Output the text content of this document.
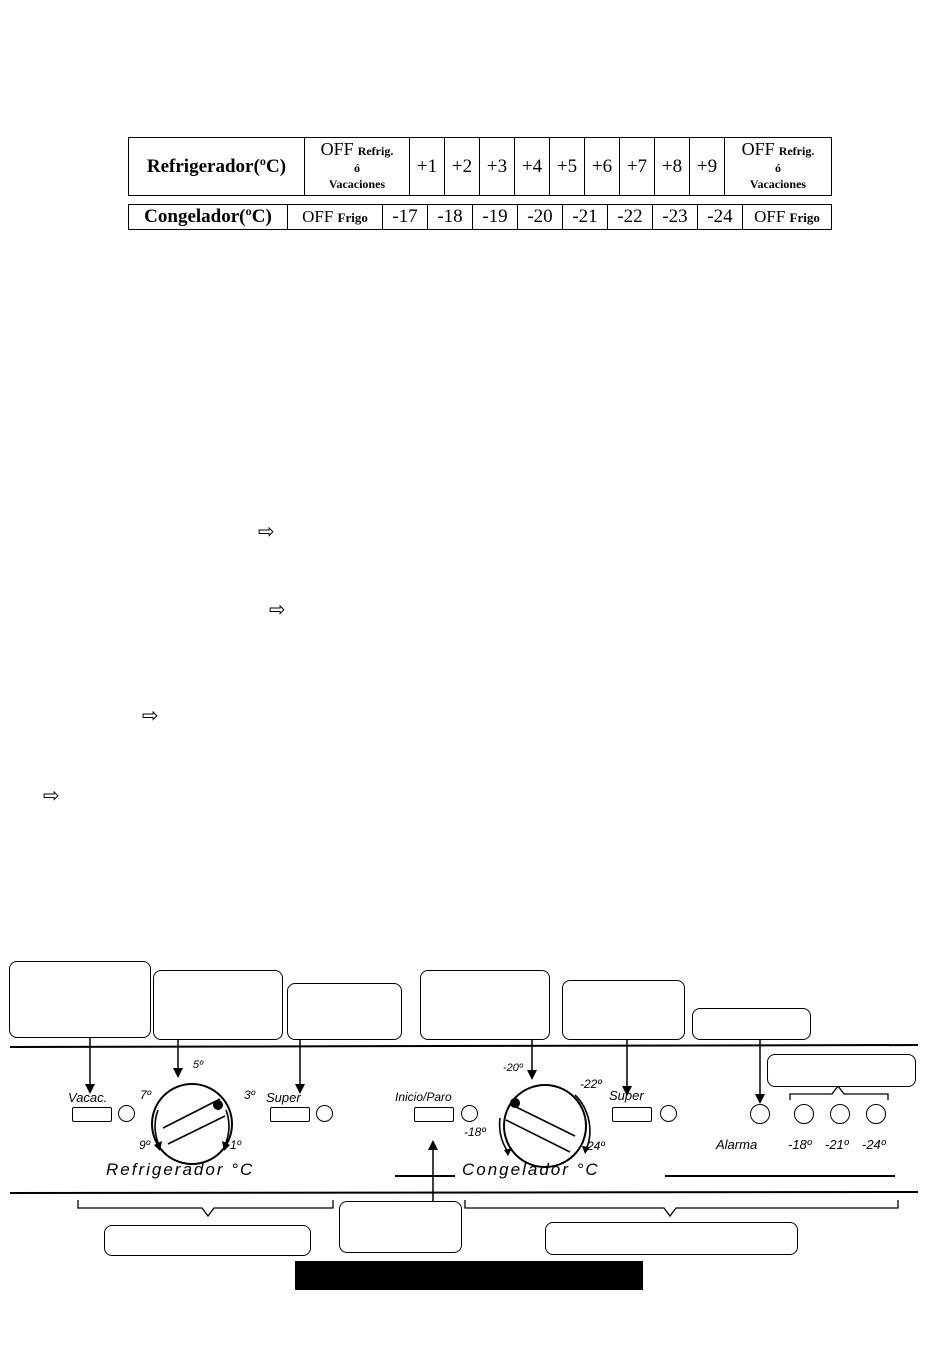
Refrigerador(ºC)	OFF Refrig.
ó
Vacaciones	+1	+2	+3	+4	+5	+6	+7	+8	+9	OFF Refrig.
ó
Vacaciones
Congelador(ºC)	OFF Frigo	-17	-18	-19	-20	-21	-22	-23	-24	OFF Frigo
⇨
⇨
⇨
⇨
Vacac.
5º
7º	3º
9º	1º
Super
Refrigerador °C
Inicio/Paro
-20º
-22º
-18º
-24º
Super
Congelador °C
Alarma -18º -21º -24º
